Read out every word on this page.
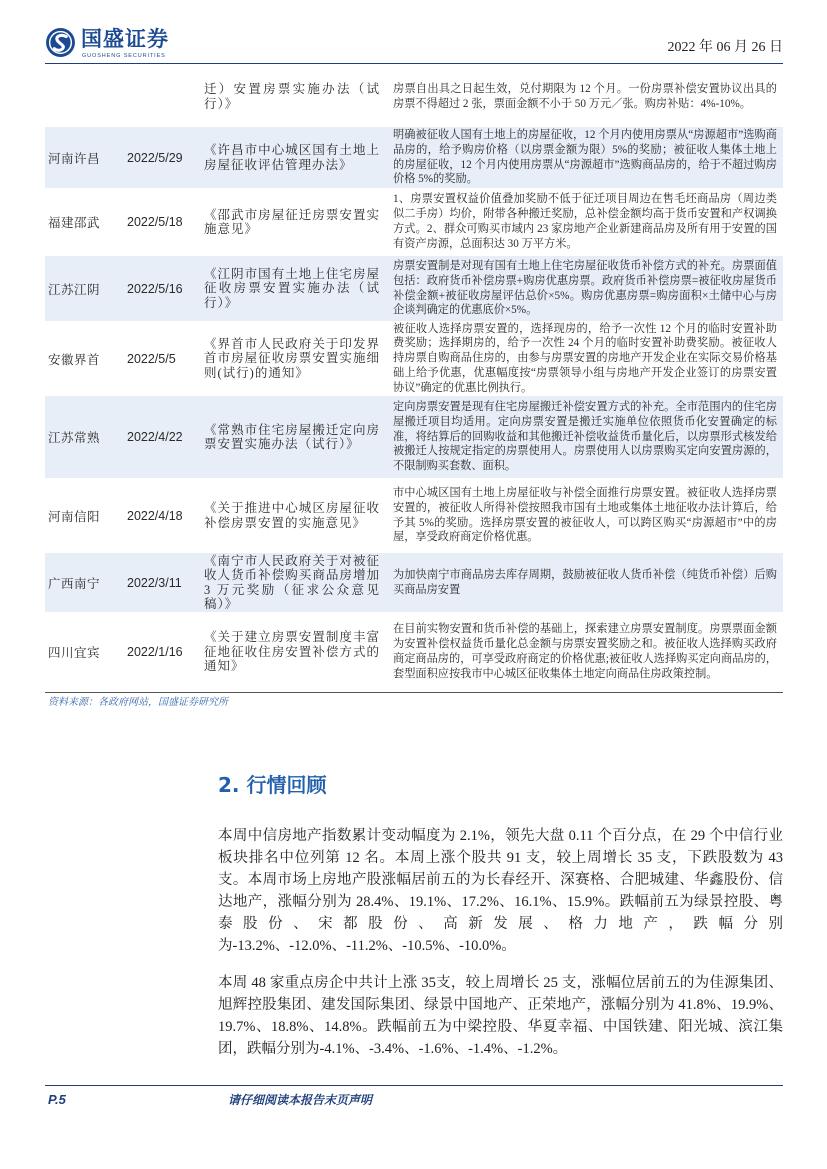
国盛证券
GUOSHENG SECURITIES
2022 年 06 月 26 日
		迁）安置房票实施办法（试行）》	房票自出具之日起生效，兑付期限为 12 个月。一份房票补偿安置协议出具的房票不得超过 2 张，票面金额不小于 50 万元／张。购房补贴：4%-10%。
河南许昌	2022/5/29	《许昌市中心城区国有土地上房屋征收评估管理办法》	明确被征收人国有土地上的房屋征收，12 个月内使用房票从“房源超市”选购商品房的，给予购房价格（以房票金额为限）5%的奖励；被征收人集体土地上的房屋征收，12 个月内使用房票从“房源超市”选购商品房的，给于不超过购房价格 5%的奖励。
福建邵武	2022/5/18	《邵武市房屋征迁房票安置实施意见》	1、房票安置权益价值叠加奖励不低于征迁项目周边在售毛坯商品房（周边类似二手房）均价，附带各种搬迁奖励，总补偿金额均高于货币安置和产权调换方式。2、群众可购买市域内 23 家房地产企业新建商品房及所有用于安置的国有资产房源，总面积达 30 万平方米。
江苏江阴	2022/5/16	《江阴市国有土地上住宅房屋征收房票安置实施办法（试行）》	房票安置制是对现有国有土地上住宅房屋征收货币补偿方式的补充。房票面值包括：政府货币补偿房票+购房优惠房票。政府货币补偿房票=被征收房屋货币补偿金额+被征收房屋评估总价×5%。购房优惠房票=购房面积×土储中心与房企谈判确定的优惠底价×5%。
安徽界首	2022/5/5	《界首市人民政府关于印发界首市房屋征收房票安置实施细则(试行)的通知》	被征收人选择房票安置的，选择现房的，给予一次性 12 个月的临时安置补助费奖励；选择期房的，给予一次性 24 个月的临时安置补助费奖励。被征收人持房票自购商品住房的，由参与房票安置的房地产开发企业在实际交易价格基础上给予优惠，优惠幅度按“房票领导小组与房地产开发企业签订的房票安置协议”确定的优惠比例执行。
江苏常熟	2022/4/22	《常熟市住宅房屋搬迁定向房票安置实施办法（试行）》	定向房票安置是现有住宅房屋搬迁补偿安置方式的补充。全市范围内的住宅房屋搬迁项目均适用。定向房票安置是搬迁实施单位依照货币化安置确定的标准，将结算后的回购收益和其他搬迁补偿收益货币量化后，以房票形式核发给被搬迁人按规定指定的房票使用人。房票使用人以房票购买定向安置房源的，不限制购买套数、面积。
河南信阳	2022/4/18	《关于推进中心城区房屋征收补偿房票安置的实施意见》	市中心城区国有土地上房屋征收与补偿全面推行房票安置。被征收人选择房票安置的，被征收人所得补偿按照我市国有土地或集体土地征收办法计算后，给予其 5%的奖励。选择房票安置的被征收人，可以跨区购买“房源超市”中的房屋，享受政府商定价格优惠。
广西南宁	2022/3/11	《南宁市人民政府关于对被征收人货币补偿购买商品房增加 3 万元奖励（征求公众意见稿）》	为加快南宁市商品房去库存周期，鼓励被征收人货币补偿（纯货币补偿）后购买商品房安置
四川宜宾	2022/1/16	《关于建立房票安置制度丰富征地征收住房安置补偿方式的通知》	在目前实物安置和货币补偿的基础上，探索建立房票安置制度。房票票面金额为安置补偿权益货币量化总金额与房票安置奖励之和。被征收人选择购买政府商定商品房的，可享受政府商定的价格优惠;被征收人选择购买定向商品房的，套型面积应按我市中心城区征收集体土地定向商品住房政策控制。
资料来源：各政府网站，国盛证券研究所
2. 行情回顾

本周中信房地产指数累计变动幅度为 2.1%，领先大盘 0.11 个百分点，在 29 个中信行业板块排名中位列第 12 名。本周上涨个股共 91 支，较上周增长 35 支，下跌股数为 43 支。本周市场上房地产股涨幅居前五的为长春经开、深赛格、合肥城建、华鑫股份、信达地产，涨幅分别为 28.4%、19.1%、17.2%、16.1%、15.9%。跌幅前五为绿景控股、粤泰股份、宋都股份、高新发展、格力地产，跌幅分别为-13.2%、-12.0%、-11.2%、-10.5%、-10.0%。

本周 48 家重点房企中共计上涨 35支，较上周增长 25 支，涨幅位居前五的为佳源集团、旭辉控股集团、建发国际集团、绿景中国地产、正荣地产，涨幅分别为 41.8%、19.9%、19.7%、18.8%、14.8%。跌幅前五为中梁控股、华夏幸福、中国铁建、阳光城、滨江集团，跌幅分别为-4.1%、-3.4%、-1.6%、-1.4%、-1.2%。

P.5	请仔细阅读本报告末页声明
